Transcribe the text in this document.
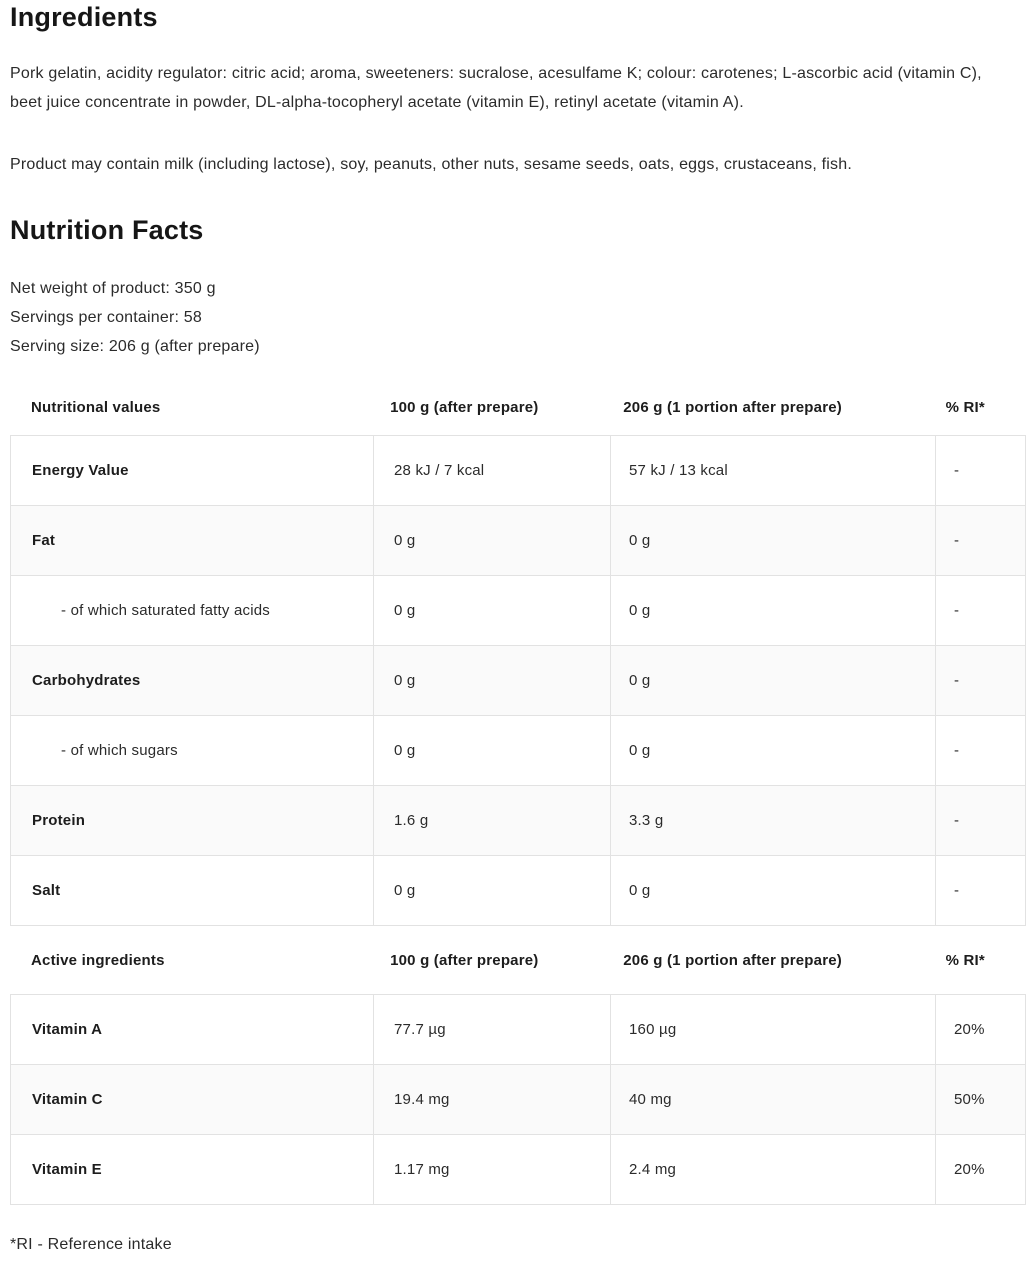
Ingredients

Pork gelatin, acidity regulator: citric acid; aroma, sweeteners: sucralose, acesulfame K; colour: carotenes; L-ascorbic acid (vitamin C), beet juice concentrate in powder, DL-alpha-tocopheryl acetate (vitamin E), retinyl acetate (vitamin A).

Product may contain milk (including lactose), soy, peanuts, other nuts, sesame seeds, oats, eggs, crustaceans, fish.

Nutrition Facts

Net weight of product: 350 g

Servings per container: 58

Serving size: 206 g (after prepare)

Nutritional values	100 g (after prepare)	206 g (1 portion after prepare)	% RI*
Energy Value	28 kJ / 7 kcal	57 kJ / 13 kcal	-
Fat	0 g	0 g	-
- of which saturated fatty acids	0 g	0 g	-
Carbohydrates	0 g	0 g	-
- of which sugars	0 g	0 g	-
Protein	1.6 g	3.3 g	-
Salt	0 g	0 g	-
Active ingredients	100 g (after prepare)	206 g (1 portion after prepare)	% RI*
Vitamin A	77.7 µg	160 µg	20%
Vitamin C	19.4 mg	40 mg	50%
Vitamin E	1.17 mg	2.4 mg	20%

*RI - Reference intake
